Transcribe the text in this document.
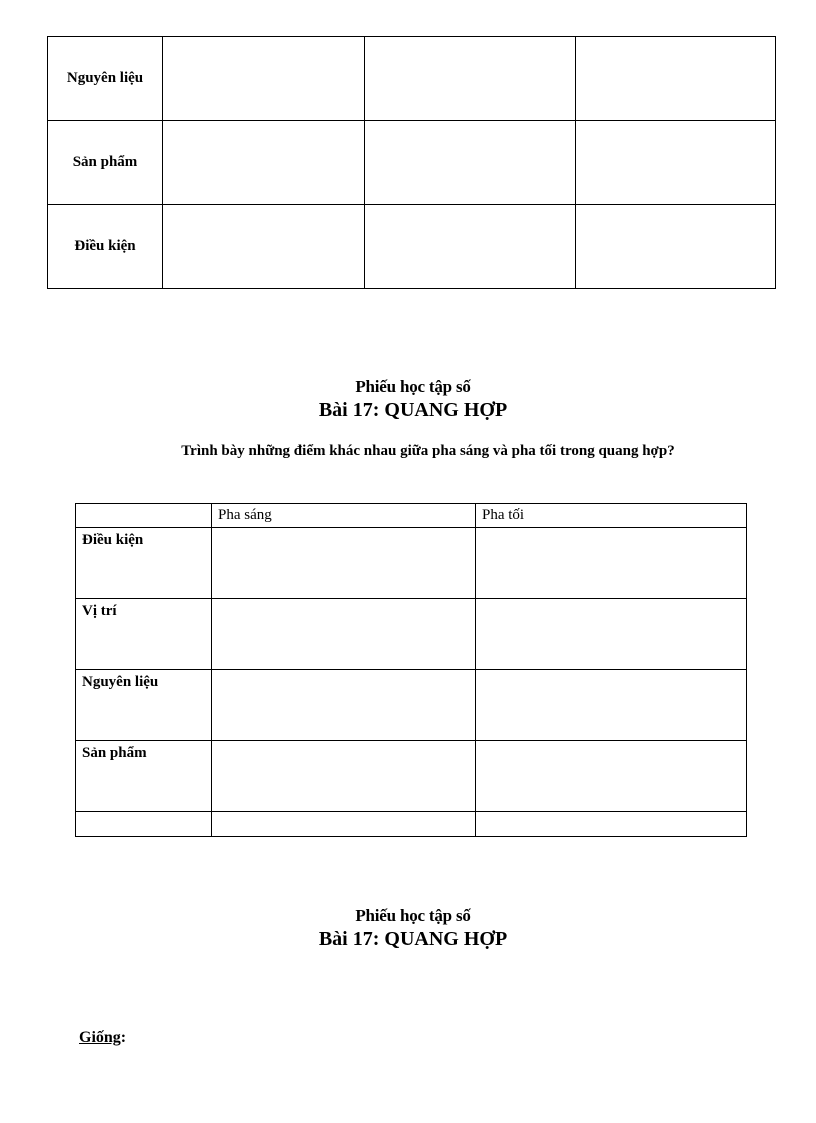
Nguyên liệu			
Sản phẩm			
Điều kiện			
Phiếu học tập số
Bài 17: QUANG HỢP
Trình bày những điểm khác nhau giữa pha sáng và pha tối trong quang hợp?
	Pha sáng	Pha tối
Điều kiện		
Vị trí		
Nguyên liệu		
Sản phẩm		

Phiếu học tập số
Bài 17: QUANG HỢP
Giống:
